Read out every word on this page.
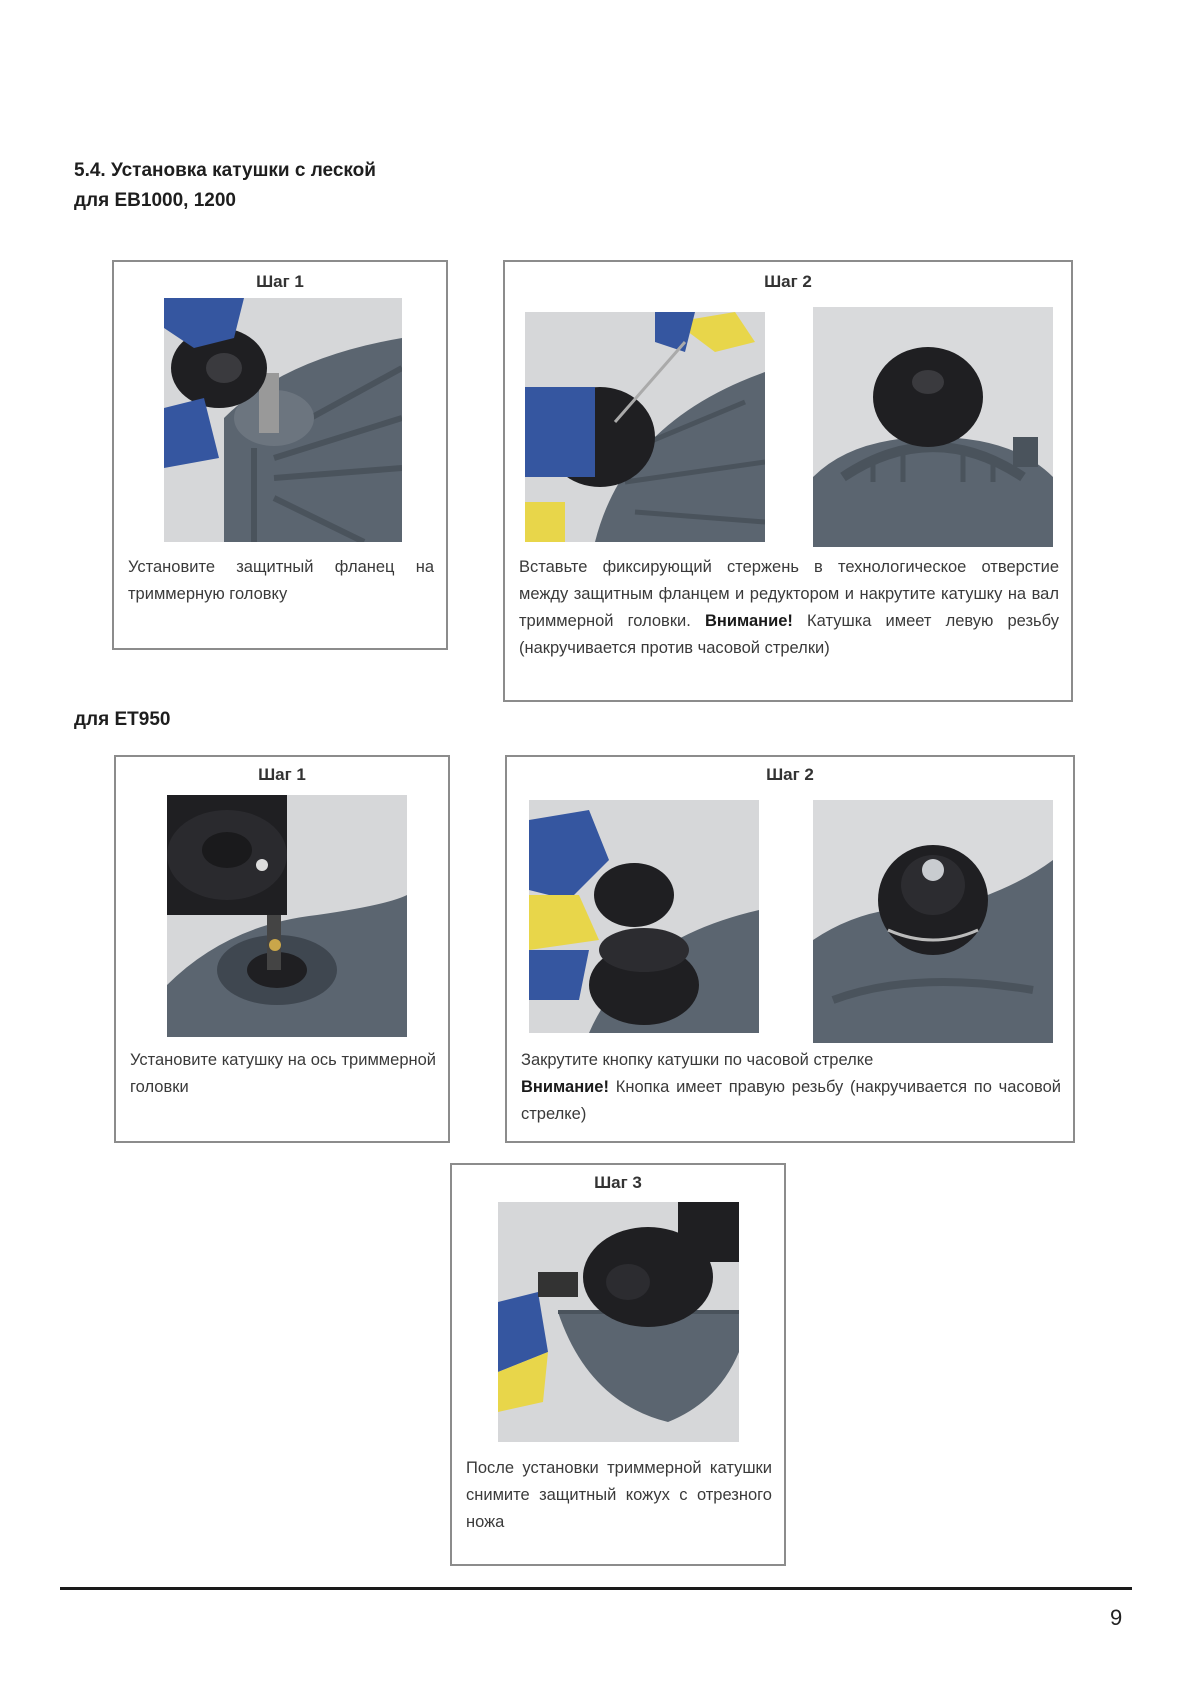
5.4. Установка катушки с леской
для EB1000, 1200
Шаг 1

Установите защитный фланец на триммерную головку

Шаг 2

Вставьте фиксирующий стержень в технологическое отверстие между защитным фланцем и редуктором и накрутите катушку на вал триммерной головки. Внимание! Катушка имеет левую резьбу (накручивается против часовой стрелки)

для ET950
Шаг 1

Установите катушку на ось триммерной головки

Шаг 2

Закрутите кнопку катушки по часовой стрелке
Внимание! Кнопка имеет правую резьбу (накручивается по часовой стрелке)

Шаг 3

После установки триммерной катушки снимите защитный кожух с отрезного ножа

9
